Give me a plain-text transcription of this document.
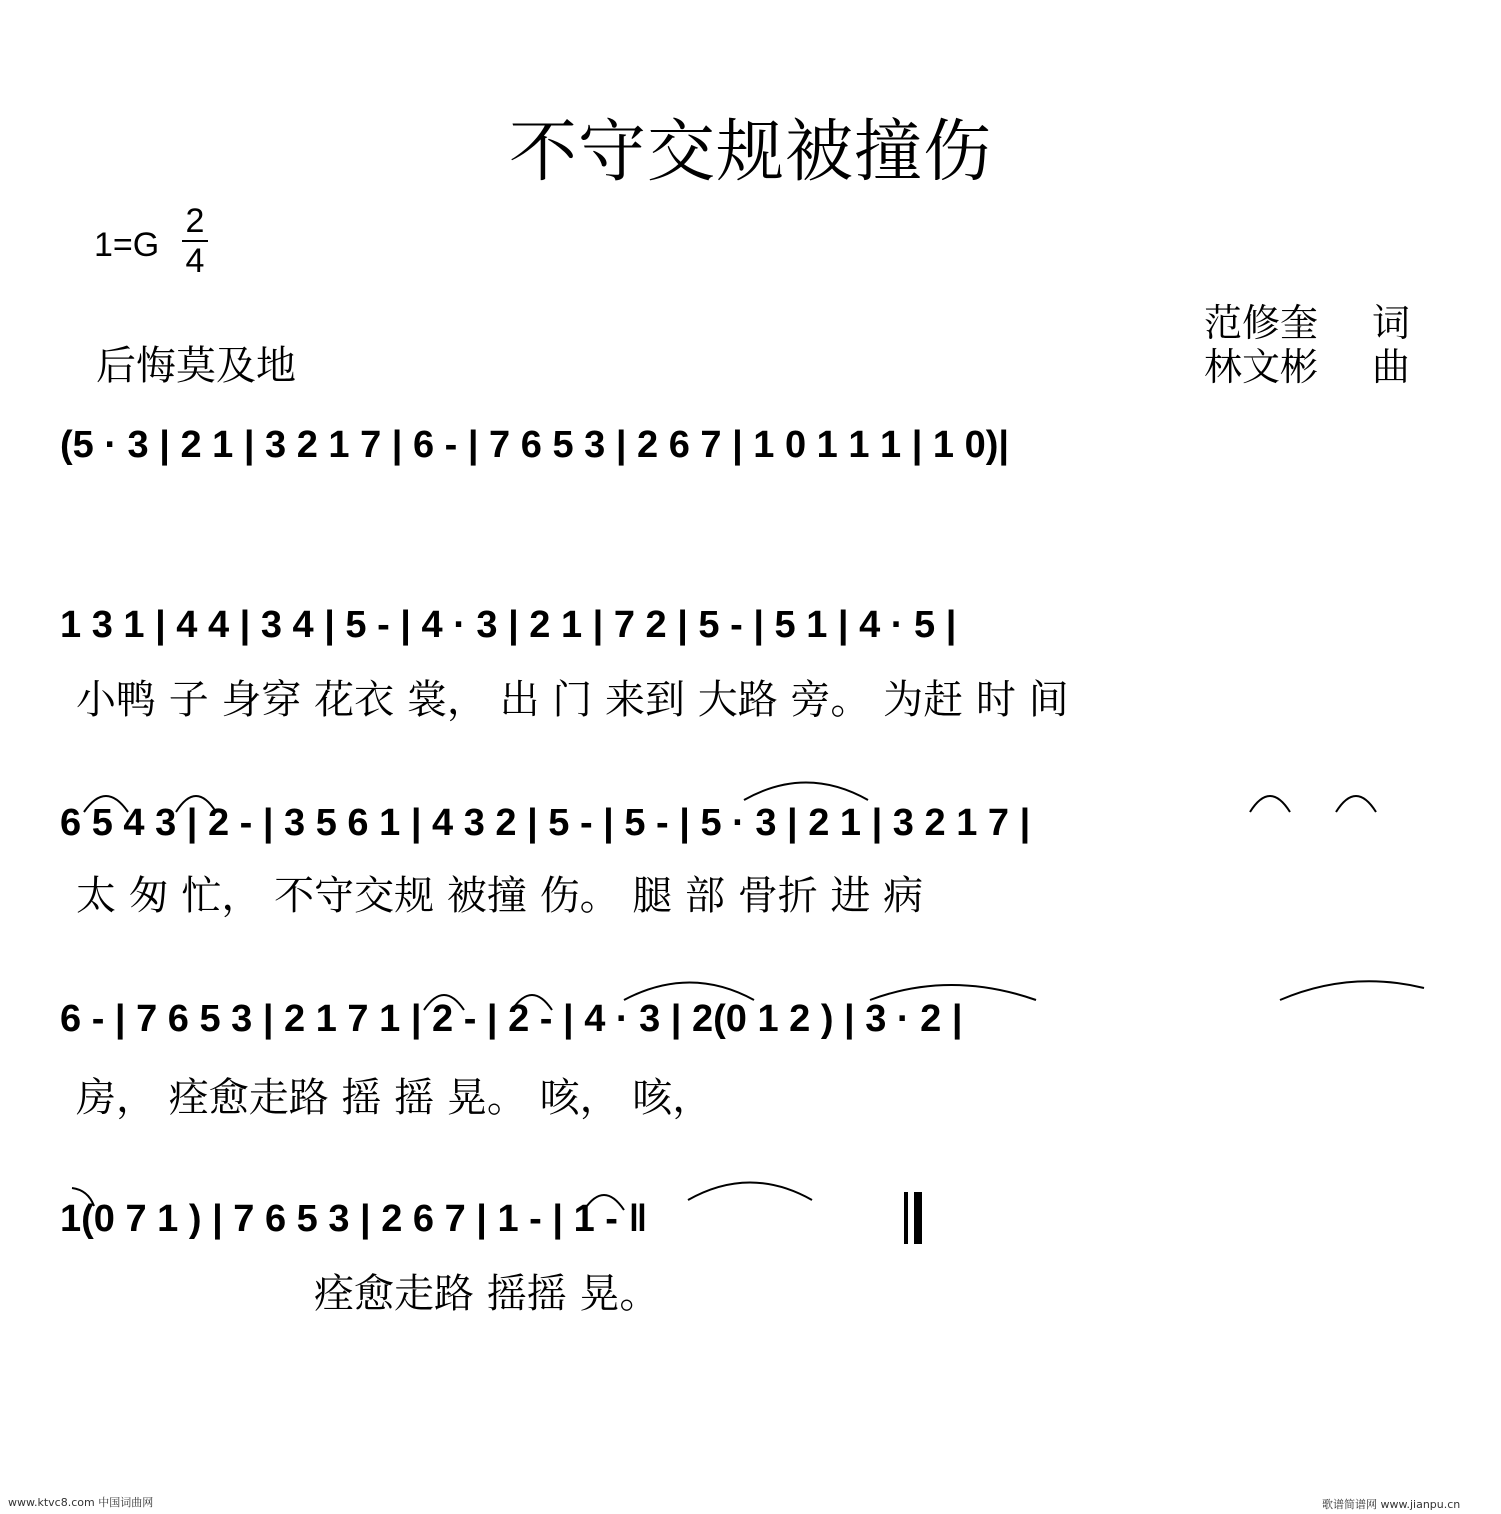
不守交规被撞伤
1=G
2
4
范修奎 词
林文彬 曲
后悔莫及地
(5 · 3 | 2 1 | 3 2 1 7 | 6 - | 7 6 5 3 | 2 6 7 | 1 0 1 1 1 | 1 0)|
1 3 1 | 4 4 | 3 4 | 5 - | 4 · 3 | 2 1 | 7 2 | 5 - | 5 1 | 4 · 5 |
小鸭 子 身穿 花衣 裳， 出 门 来到 大路 旁。 为赶 时 间
6 5 4 3 | 2 - | 3 5 6 1 | 4 3 2 | 5 - | 5 - | 5 · 3 | 2 1 | 3 2 1 7 |
太 匆 忙， 不守交规 被撞 伤。 腿 部 骨折 进 病
6 - | 7 6 5 3 | 2 1 7 1 | 2 - | 2 - | 4 · 3 | 2(0 1 2 ) | 3 · 2 |
房， 痊愈走路 摇 摇 晃。 咳， 咳，
1(0 7 1 ) | 7 6 5 3 | 2 6 7 | 1 - | 1 - ‖
痊愈走路 摇摇 晃。
www.ktvc8.com 中国词曲网	歌谱简谱网 www.jianpu.cn
